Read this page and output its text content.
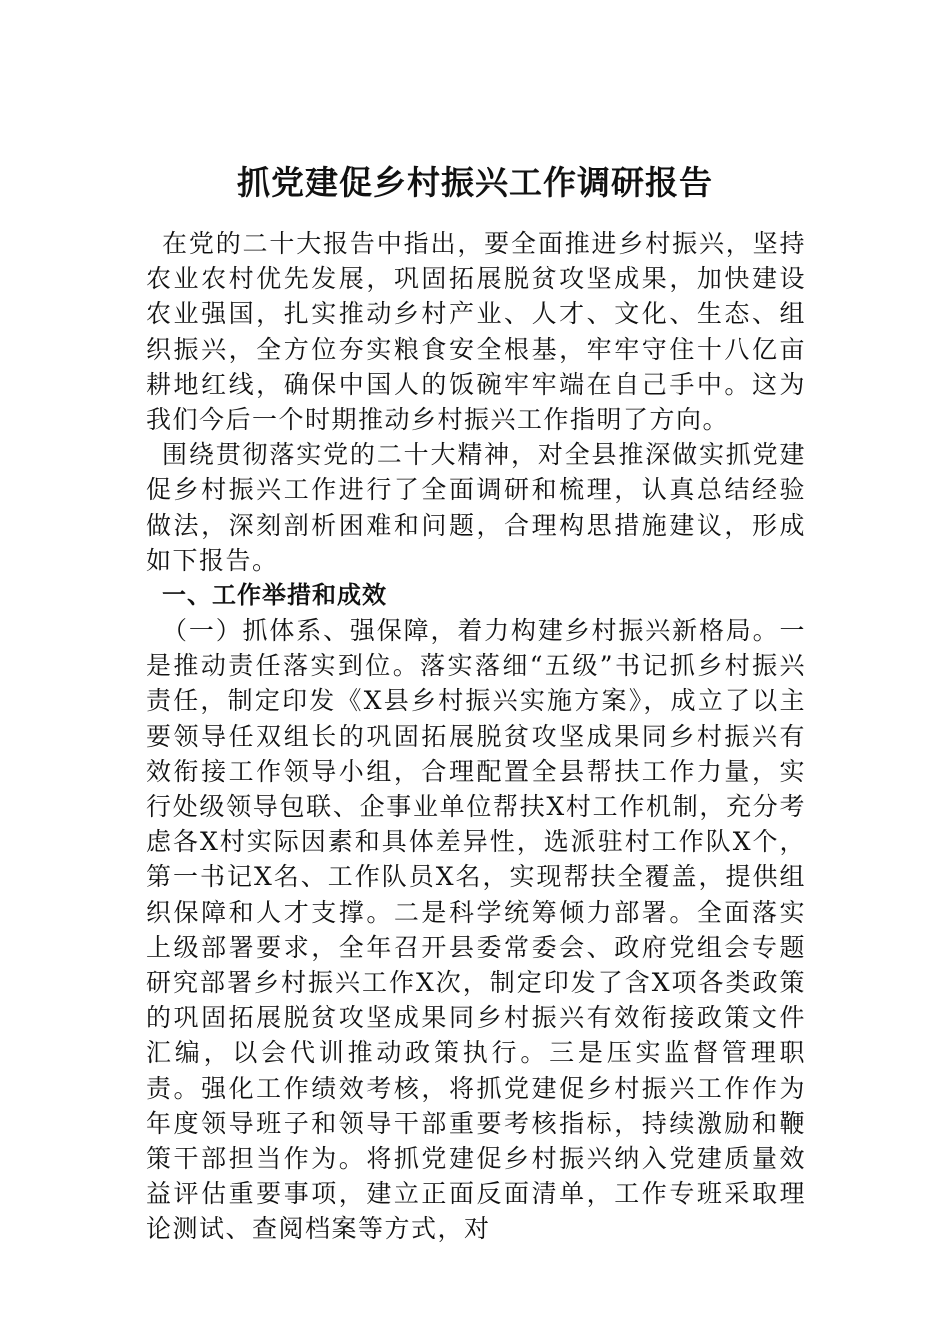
抓党建促乡村振兴工作调研报告

在党的二十大报告中指出，要全面推进乡村振兴，坚持农业农村优先发展，巩固拓展脱贫攻坚成果，加快建设农业强国，扎实推动乡村产业、人才、文化、生态、组织振兴，全方位夯实粮食安全根基，牢牢守住十八亿亩耕地红线，确保中国人的饭碗牢牢端在自己手中。这为我们今后一个时期推动乡村振兴工作指明了方向。

围绕贯彻落实党的二十大精神，对全县推深做实抓党建促乡村振兴工作进行了全面调研和梳理，认真总结经验做法，深刻剖析困难和问题，合理构思措施建议，形成如下报告。

一、工作举措和成效

（一）抓体系、强保障，着力构建乡村振兴新格局。一是推动责任落实到位。落实落细“五级”书记抓乡村振兴责任，制定印发《X县乡村振兴实施方案》，成立了以主要领导任双组长的巩固拓展脱贫攻坚成果同乡村振兴有效衔接工作领导小组，合理配置全县帮扶工作力量，实行处级领导包联、企事业单位帮扶X村工作机制，充分考虑各X村实际因素和具体差异性，选派驻村工作队X个，第一书记X名、工作队员X名，实现帮扶全覆盖，提供组织保障和人才支撑。二是科学统筹倾力部署。全面落实上级部署要求，全年召开县委常委会、政府党组会专题研究部署乡村振兴工作X次，制定印发了含X项各类政策的巩固拓展脱贫攻坚成果同乡村振兴有效衔接政策文件汇编，以会代训推动政策执行。三是压实监督管理职责。强化工作绩效考核，将抓党建促乡村振兴工作作为年度领导班子和领导干部重要考核指标，持续激励和鞭策干部担当作为。将抓党建促乡村振兴纳入党建质量效益评估重要事项，建立正面反面清单，工作专班采取理论测试、查阅档案等方式，对
